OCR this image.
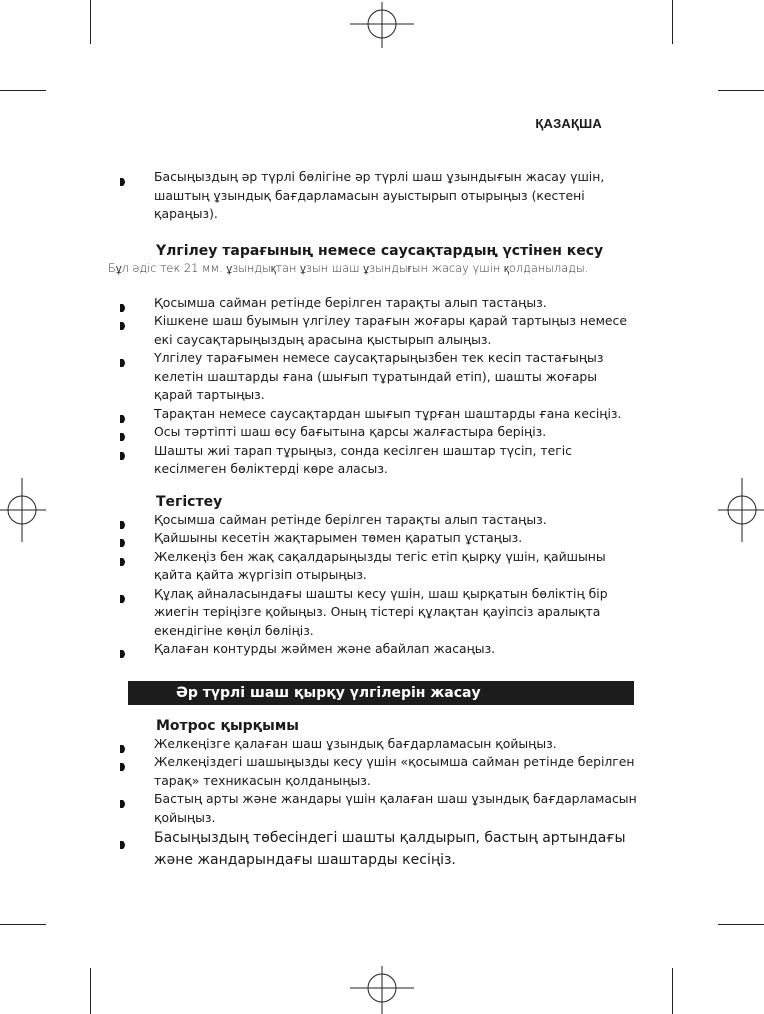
ҚАЗАҚША
Басыңыздың әр түрлі бөлігіне әр түрлі шаш ұзындығын жасау үшін, шаштың ұзындық бағдарламасын ауыстырып отырыңыз (кестені қараңыз).
Үлгілеу тарағының немесе саусақтардың үстінен кесу
Бұл әдіс тек 21 мм. ұзындықтан ұзын шаш ұзындығын жасау үшін қолданылады.
Қосымша сайман ретінде берілген тарақты алып тастаңыз.
Кішкене шаш буымын үлгілеу тарағын жоғары қарай тартыңыз немесе екі саусақтарыңыздың арасына қыстырып алыңыз.
Үлгілеу тарағымен немесе саусақтарыңызбен тек кесіп тастағыңыз келетін шаштарды ғана (шығып тұратындай етіп), шашты жоғары қарай тартыңыз.
Тарақтан немесе саусақтардан шығып тұрған шаштарды ғана кесіңіз.
Осы тәртіпті шаш өсу бағытына қарсы жалғастыра беріңіз.
Шашты жиі тарап тұрыңыз, сонда кесілген шаштар түсіп, тегіс кесілмеген бөліктерді көре аласыз.
Тегістеу
Қосымша сайман ретінде берілген тарақты алып тастаңыз.
Қайшыны кесетін жақтарымен төмен қаратып ұстаңыз.
Желкеңіз бен жақ сақалдарыңызды тегіс етіп қырқу үшін, қайшыны қайта қайта жүргізіп отырыңыз.
Құлақ айналасындағы шашты кесу үшін, шаш қырқатын бөліктің бір жиегін теріңізге қойыңыз. Оның тістері құлақтан қауіпсіз аралықта екендігіне көңіл бөліңіз.
Қалаған контурды жәймен және абайлап жасаңыз.
Әр түрлі шаш қырқу үлгілерін жасау
Мотрос қырқымы
Желкеңізге қалаған шаш ұзындық бағдарламасын қойыңыз.
Желкеңіздегі шашыңызды кесу үшін «қосымша сайман ретінде берілген тарақ» техникасын қолданыңыз.
Бастың арты және жандары үшін қалаған шаш ұзындық бағдарламасын қойыңыз.
Басыңыздың төбесіндегі шашты қалдырып, бастың артындағы және жандарындағы шаштарды кесіңіз.
